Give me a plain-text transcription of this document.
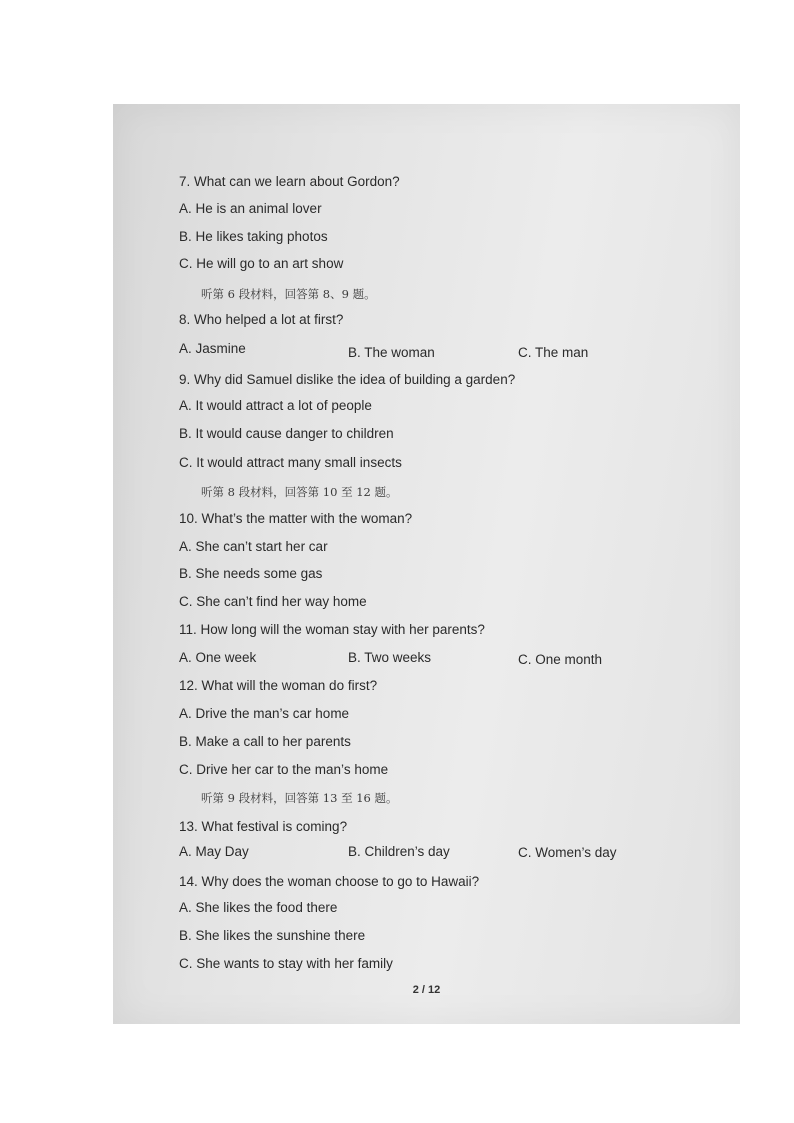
7. What can we learn about Gordon?
A. He is an animal lover
B. He likes taking photos
C. He will go to an art show
听第 6 段材料，回答第 8、9 题。
8. Who helped a lot at first?
A. Jasmine	B. The woman	C. The man
9. Why did Samuel dislike the idea of building a garden?
A. It would attract a lot of people
B. It would cause danger to children
C. It would attract many small insects
听第 8 段材料，回答第 10 至 12 题。
10. What’s the matter with the woman?
A. She can’t start her car
B. She needs some gas
C. She can’t find her way home
11. How long will the woman stay with her parents?
A. One week	B. Two weeks	C. One month
12. What will the woman do first?
A. Drive the man’s car home
B. Make a call to her parents
C. Drive her car to the man’s home
听第 9 段材料，回答第 13 至 16 题。
13. What festival is coming?
A. May Day	B. Children’s day	C. Women’s day
14. Why does the woman choose to go to Hawaii?
A. She likes the food there
B. She likes the sunshine there
C. She wants to stay with her family
2 / 12
